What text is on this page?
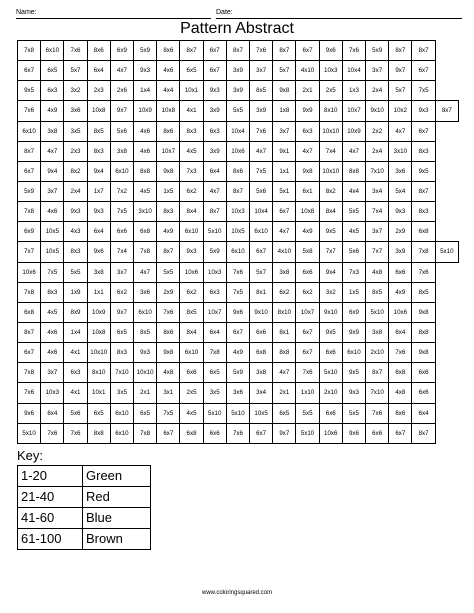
Name:	Date:
Pattern Abstract
7x8	6x10	7x6	8x6	6x9	5x9	8x6	8x7	6x7	8x7	7x6	8x7	6x7	9x6	7x6	5x9	8x7	8x7	
6x7	6x5	5x7	6x4	4x7	9x3	4x6	6x5	6x7	3x9	3x7	5x7	4x10	10x3	10x4	3x7	9x7	6x7	
9x5	6x3	3x2	2x3	2x6	1x4	4x4	10x1	9x3	3x9	8x5	9x8	2x1	2x5	1x3	2x4	5x7	7x5	
7x6	4x9	3x6	10x8	9x7	10x9	10x8	4x1	3x9	5x5	3x9	1x8	9x9	8x10	10x7	9x10	10x2	9x3	8x7
6x10	3x8	3x5	8x5	5x6	4x6	8x6	8x3	6x3	10x4	7x6	3x7	6x3	10x10	10x9	2x2	4x7	6x7	
8x7	4x7	2x3	8x3	3x8	4x6	10x7	4x5	3x9	10x6	4x7	9x1	4x7	7x4	4x7	2x4	3x10	8x3	
6x7	9x4	8x2	9x4	6x10	8x8	9x8	7x3	6x4	8x6	7x5	1x1	9x8	10x10	8x8	7x10	3x6	9x5	
5x9	3x7	2x4	1x7	7x2	4x5	1x5	6x2	4x7	8x7	5x6	5x1	6x1	8x2	4x4	3x4	5x4	8x7	
7x8	4x6	9x3	9x3	7x5	3x10	8x3	8x4	8x7	10x3	10x4	6x7	10x8	8x4	5x5	7x4	9x3	8x3	
6x9	10x5	4x3	6x4	6x6	6x8	4x9	6x10	5x10	10x5	6x10	4x7	4x9	9x5	4x5	3x7	2x9	6x8	
7x7	10x5	8x3	9x6	7x4	7x8	8x7	9x3	5x9	6x10	6x7	4x10	5x8	7x7	5x6	7x7	3x9	7x8	5x10
10x6	7x5	5x5	3x8	3x7	4x7	5x5	10x6	10x3	7x6	5x7	3x8	6x6	9x4	7x3	4x8	6x6	7x6	
7x8	8x3	1x9	1x1	6x2	3x6	2x9	6x2	6x3	7x5	8x1	6x2	6x2	3x2	1x5	8x5	4x9	8x5	
6x8	4x5	8x9	10x9	9x7	6x10	7x6	8x5	10x7	9x6	9x10	8x10	10x7	9x10	6x9	5x10	10x6	9x8	
8x7	4x6	1x4	10x8	6x5	8x5	8x6	8x4	6x4	6x7	6x6	8x1	6x7	9x5	9x9	3x8	6x4	8x8	
6x7	4x6	4x1	10x10	8x3	9x3	9x8	6x10	7x8	4x9	6x8	8x8	6x7	6x6	6x10	2x10	7x6	9x8	
7x8	3x7	6x3	8x10	7x10	10x10	4x8	6x6	6x5	5x9	3x8	4x7	7x6	5x10	9x5	8x7	6x8	6x6	
7x6	10x3	4x1	10x1	3x5	2x1	3x1	2x5	3x5	3x6	3x4	2x1	1x10	2x10	9x3	7x10	4x8	6x6	
9x6	6x4	5x6	6x5	6x10	6x5	7x5	4x5	5x10	5x10	10x5	6x5	5x5	6x6	5x5	7x6	6x6	6x4	
5x10	7x6	7x6	8x8	6x10	7x8	6x7	6x8	6x6	7x6	6x7	9x7	5x10	10x6	9x6	6x6	6x7	8x7	
Key:
1-20	Green
21-40	Red
41-60	Blue
61-100	Brown
www.coloringsquared.com
